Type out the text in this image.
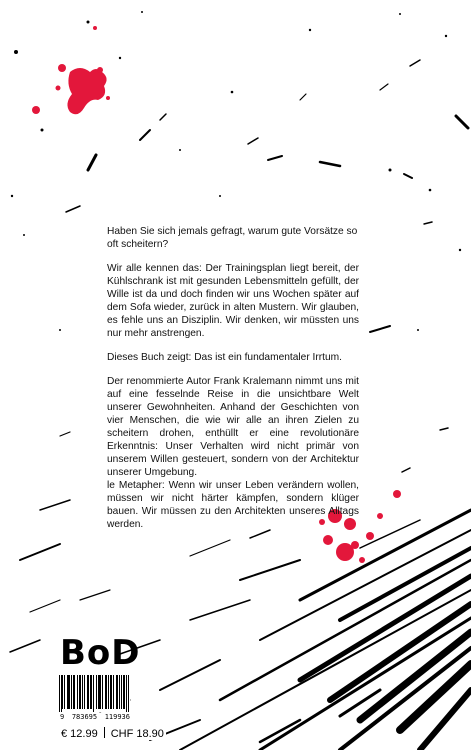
Haben Sie sich jemals gefragt, warum gute Vorsätze so oft scheitern?

Wir alle kennen das: Der Trainingsplan liegt bereit, der Kühlschrank ist mit gesunden Lebensmitteln gefüllt, der Wille ist da und doch finden wir uns Wochen später auf dem Sofa wieder, zurück in alten Mustern. Wir glauben, es fehle uns an Disziplin. Wir denken, wir müssten uns nur mehr anstrengen.

Dieses Buch zeigt: Das ist ein fundamentaler Irrtum.

Der renommierte Autor Frank Kralemann nimmt uns mit auf eine fesselnde Reise in die unsichtbare Welt unserer Gewohnheiten. Anhand der Geschichten von vier Menschen, die wie wir alle an ihren Zielen zu scheitern drohen, enthüllt er eine revolutionäre Erkenntnis: Unser Verhalten wird nicht primär von unserem Willen gesteuert, sondern von der Architektur unserer Umgebung.

le Metapher: Wenn wir unser Leben verändern wollen, müssen wir nicht härter kämpfen, sondern klüger bauen. Wir müssen zu den Architekten unseres Alltags werden.

BoD
9 783695 119936
€ 12.99 CHF 18.90
